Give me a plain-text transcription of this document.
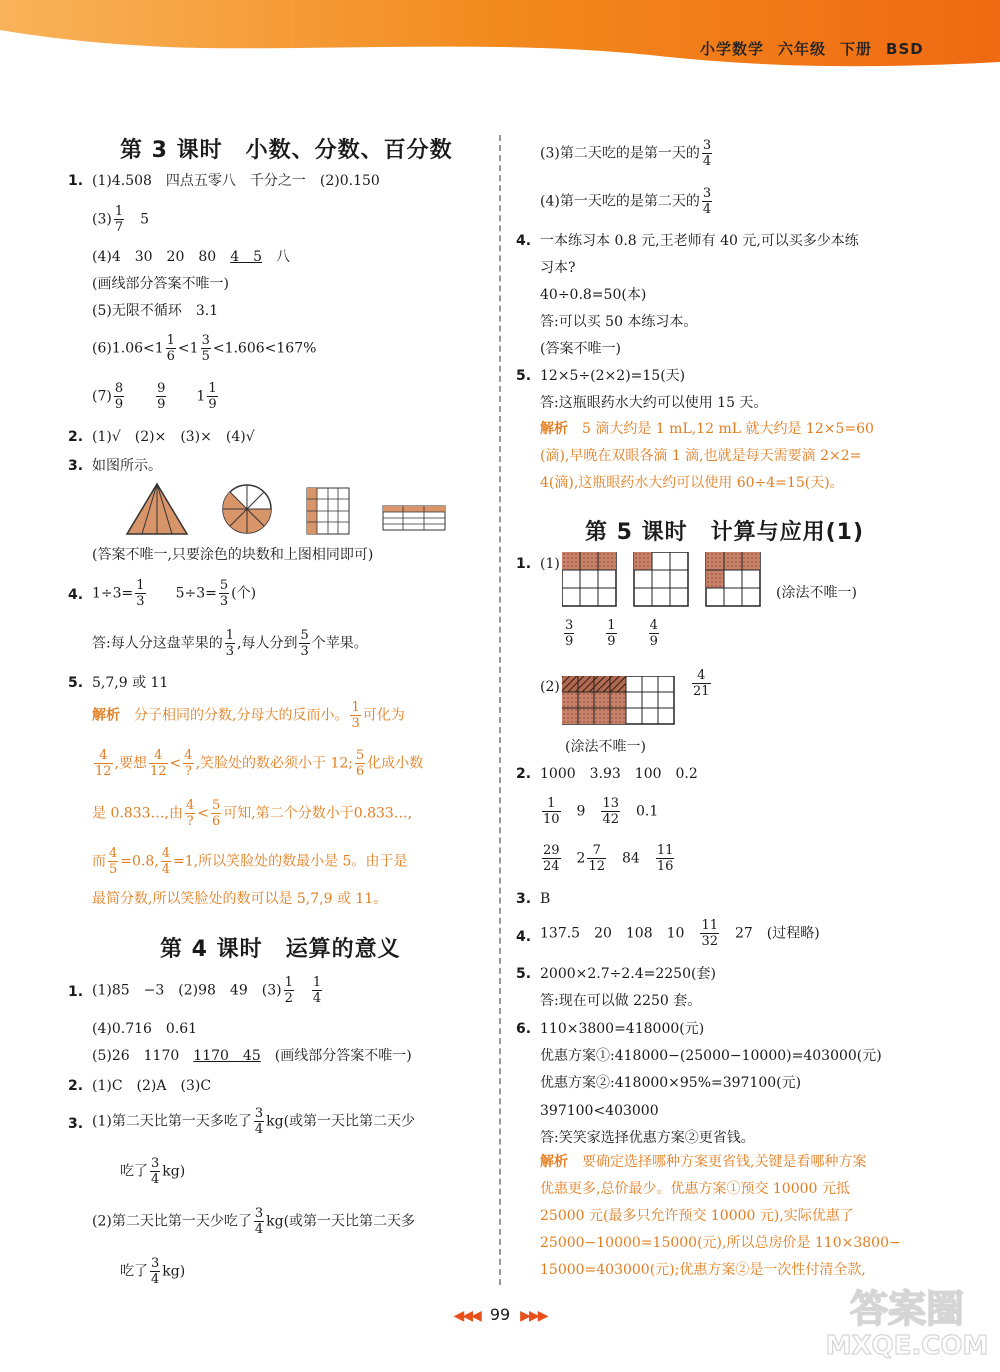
小学数学 六年级 下册 BSD
第 3 课时　小数、分数、百分数
1. (1)4.508　四点五零八　千分之一　(2)0.150
$(3) \frac{1}{7}$
　 5
(4)4　30　20　80　 4　5　 八
(画线部分答案不唯一)
(5)无限不循环　3.1
$(6)1.06<1 \frac{1}{6} <1 \frac{3}{5} <1.606<167\%$
$(7) \frac{8}{9}$
　　 $\frac{9}{9}$
　　 $1 \frac{1}{9}$
2. (1)√　(2)×　(3)×　(4)√
3. 如图所示。
(答案不唯一,只要涂色的块数和上图相同即可)
4. $1\div 3= \frac{1}{3}$
　　 $5\div 3= \frac{5}{3}$ (个)
答:每人分这盘苹果的 $\frac{1}{3}$ ,每人分到 $\frac{5}{3}$ 个苹果。
5. 5,7,9 或 11
解析　 分子相同的分数,分母大的反而小。 $\frac{1}{3}$ 可化为
$\frac{4}{12}$ ,要想 $\frac{4}{12} < \frac{4}{?}$ ,笑脸处的数必须小于 12; $\frac{5}{6}$ 化成小数
是 0.833…,由 $\frac{4}{?} < \frac{5}{6}$ 可知,第二个分数小于0.833…,
而 $\frac{4}{5} =0.8$, $\frac{4}{4} =1$,所以笑脸处的数最小是 5。由于是
最简分数,所以笑脸处的数可以是 5,7,9 或 11。
第 4 课时　运算的意义
1. (1)85　−3　(2)98　49　$(3) \frac{1}{2}$
　 $\frac{1}{4}$
(4)0.716　0.61
(5)26　1170　 1170　45　 (画线部分答案不唯一)
2. (1)C　(2)A　(3)C
3. (1)第二天比第一天多吃了 $\frac{3}{4} kg$(或第一天比第二天少
吃了 $\frac{3}{4} kg$)
(2)第二天比第一天少吃了 $\frac{3}{4} kg$(或第一天比第二天多
吃了 $\frac{3}{4} kg$)
(3)第二天吃的是第一天的 $\frac{3}{4}$
(4)第一天吃的是第二天的 $\frac{3}{4}$
4. 一本练习本 0.8 元,王老师有 40 元,可以买多少本练
习本?
40÷0.8=50(本)
答:可以买 50 本练习本。
(答案不唯一)
5. 12×5÷(2×2)=15(天)
答:这瓶眼药水大约可以使用 15 天。
解析　 5 滴大约是 1 mL,12 mL 就大约是 12×5=60
(滴),早晚在双眼各滴 1 滴,也就是每天需要滴 2×2=
4(滴),这瓶眼药水大约可以使用 60÷4=15(天)。
第 5 课时　计算与应用(1)
1. (1)
(涂法不唯一)
$\frac{3}{9}$
　　 $\frac{1}{9}$
　　 $\frac{4}{9}$
(2)	$\frac{4}{21}$
(涂法不唯一)
2. 1000　3.93　100　0.2
$\frac{1}{10}$
　 9　 $\frac{13}{42}$
　 0.1
$\frac{29}{24}$
　 $2 \frac{7}{12}$
　 84　 $\frac{11}{16}$
3. B
4. 137.5　20　108　10　 $\frac{11}{32}$
　 27　(过程略)
5. 2000×2.7÷2.4=2250(套)
答:现在可以做 2250 套。
6. 110×3800=418000(元)
优惠方案①:418000−(25000−10000)=403000(元)
优惠方案②:418000×95%=397100(元)
397100<403000
答:笑笑家选择优惠方案②更省钱。
解析　 要确定选择哪种方案更省钱,关键是看哪种方案
优惠更多,总价最少。优惠方案①预交 10000 元抵
25000 元(最多只允许预交 10000 元),实际优惠了
25000−10000=15000(元),所以总房价是 110×3800−
15000=403000(元);优惠方案②是一次性付清全款,
◀◀◀ 99 ▶▶▶	答案圈
MXQE.COM
